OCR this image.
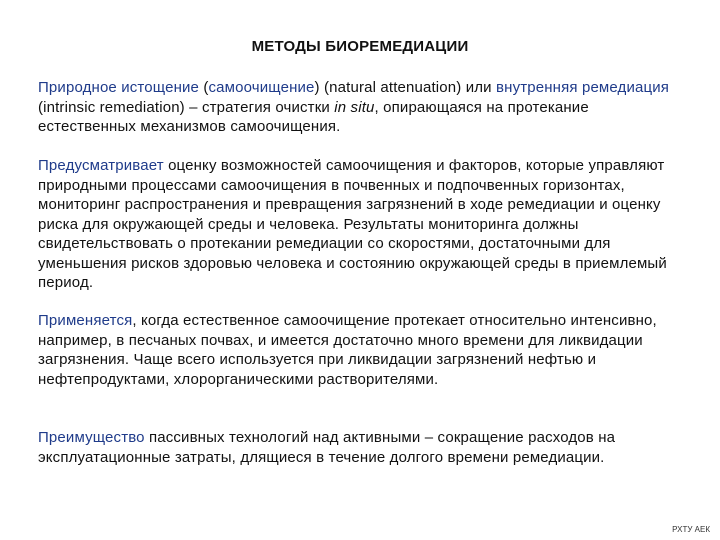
МЕТОДЫ БИОРЕМЕДИАЦИИ
Природное истощение (самоочищение) (natural attenuation) или внутренняя ремедиация (intrinsic remediation) – стратегия очистки in situ, опирающаяся на протекание естественных механизмов самоочищения.
Предусматривает оценку возможностей самоочищения и факторов, которые управляют природными процессами самоочищения в почвенных и подпочвенных горизонтах, мониторинг распространения и превращения загрязнений в ходе ремедиации и оценку риска для окружающей среды и человека. Результаты мониторинга должны свидетельствовать о протекании ремедиации со скоростями, достаточными для уменьшения рисков здоровью человека и состоянию окружающей среды в приемлемый период.
Применяется, когда естественное самоочищение протекает относительно интенсивно, например, в песчаных почвах, и имеется достаточно много времени для ликвидации загрязнения. Чаще всего используется при ликвидации загрязнений нефтью и нефтепродуктами, хлорорганическими растворителями.
Преимущество пассивных технологий над активными – сокращение расходов на эксплуатационные затраты, длящиеся в течение долгого времени ремедиации.
РХТУ АЕК
